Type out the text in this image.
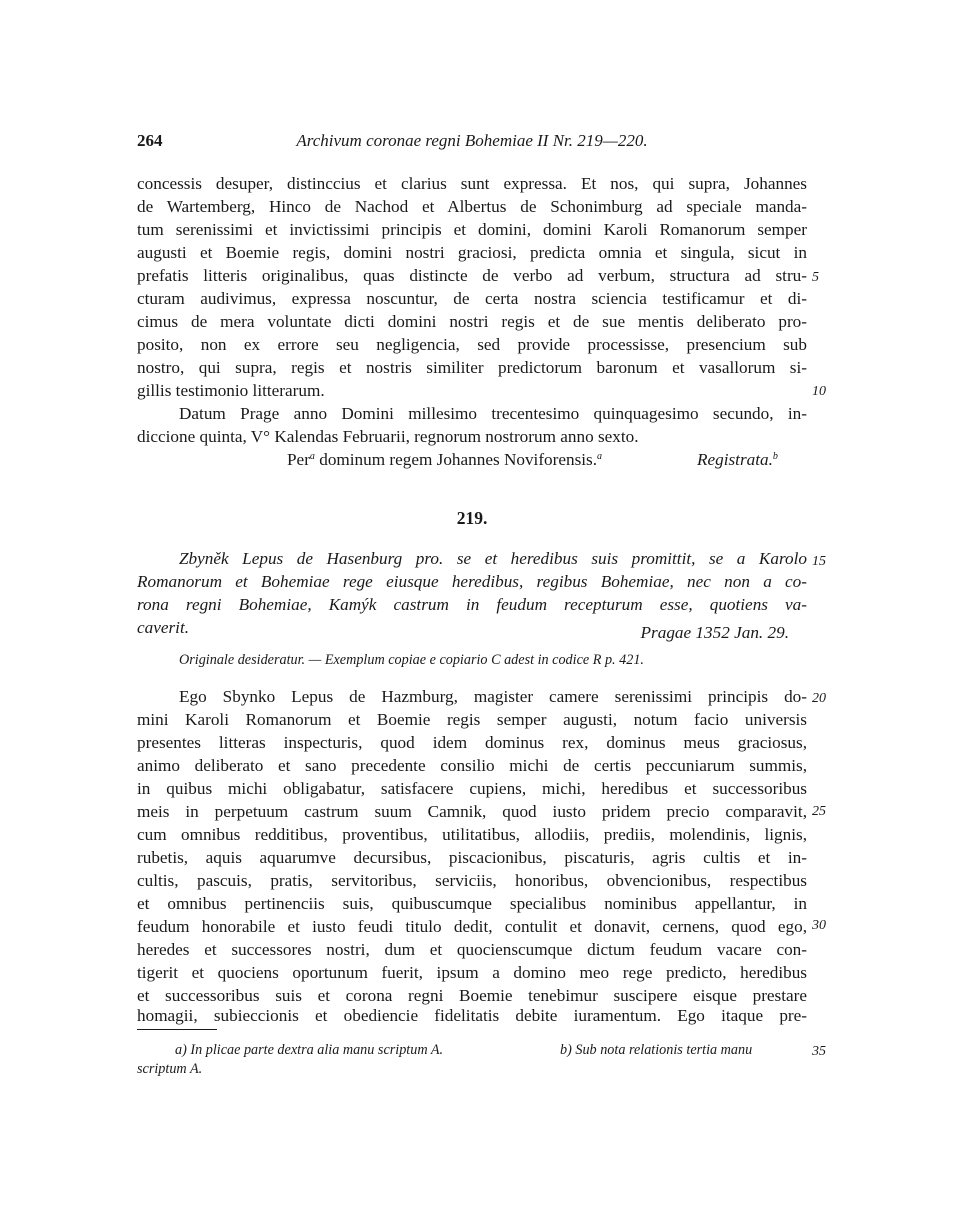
264	Archivum coronae regni Bohemiae II Nr. 219—220.
concessis desuper, distinccius et clarius sunt expressa. Et nos, qui supra, Johannes
de Wartemberg, Hinco de Nachod et Albertus de Schonimburg ad speciale manda-
tum serenissimi et invictissimi principis et domini, domini Karoli Romanorum semper
augusti et Boemie regis, domini nostri graciosi, predicta omnia et singula, sicut in
prefatis litteris originalibus, quas distincte de verbo ad verbum, structura ad stru-
cturam audivimus, expressa noscuntur, de certa nostra sciencia testificamur et di-
cimus de mera voluntate dicti domini nostri regis et de sue mentis deliberato pro-
posito, non ex errore seu negligencia, sed provide processisse, presencium sub
nostro, qui supra, regis et nostris similiter predictorum baronum et vasallorum si-
gillis testimonio litterarum.
Datum Prage anno Domini millesimo trecentesimo quinquagesimo secundo, in-
diccione quinta, V° Kalendas Februarii, regnorum nostrorum anno sexto.
Per$^a$ dominum regem Johannes Noviforensis.$^a$	Registrata.$^b$
219.
Zbyněk Lepus de Hasenburg pro. se et heredibus suis promittit, se a Karolo
Romanorum et Bohemiae rege eiusque heredibus, regibus Bohemiae, nec non a co-
rona regni Bohemiae, Kamýk castrum in feudum recepturum esse, quotiens va-
caverit.	Pragae 1352 Jan. 29.
Originale desideratur. — Exemplum copiae e copiario C adest in codice R p. 421.
Ego Sbynko Lepus de Hazmburg, magister camere serenissimi principis do-
mini Karoli Romanorum et Boemie regis semper augusti, notum facio universis
presentes litteras inspecturis, quod idem dominus rex, dominus meus graciosus,
animo deliberato et sano precedente consilio michi de certis peccuniarum summis,
in quibus michi obligabatur, satisfacere cupiens, michi, heredibus et successoribus
meis in perpetuum castrum suum Camnik, quod iusto pridem precio comparavit,
cum omnibus redditibus, proventibus, utilitatibus, allodiis, prediis, molendinis, lignis,
rubetis, aquis aquarumve decursibus, piscacionibus, piscaturis, agris cultis et in-
cultis, pascuis, pratis, servitoribus, serviciis, honoribus, obvencionibus, respectibus
et omnibus pertinenciis suis, quibuscumque specialibus nominibus appellantur, in
feudum honorabile et iusto feudi titulo dedit, contulit et donavit, cernens, quod ego,
heredes et successores nostri, dum et quocienscumque dictum feudum vacare con-
tigerit et quociens oportunum fuerit, ipsum a domino meo rege predicto, heredibus
et successoribus suis et corona regni Boemie tenebimur suscipere eisque prestare
homagii, subieccionis et obediencie fidelitatis debite iuramentum. Ego itaque pre-
5
10
15
20
25
30
35
a) In plicae parte dextra alia manu scriptum A.	b) Sub nota relationis tertia manu
scriptum A.
